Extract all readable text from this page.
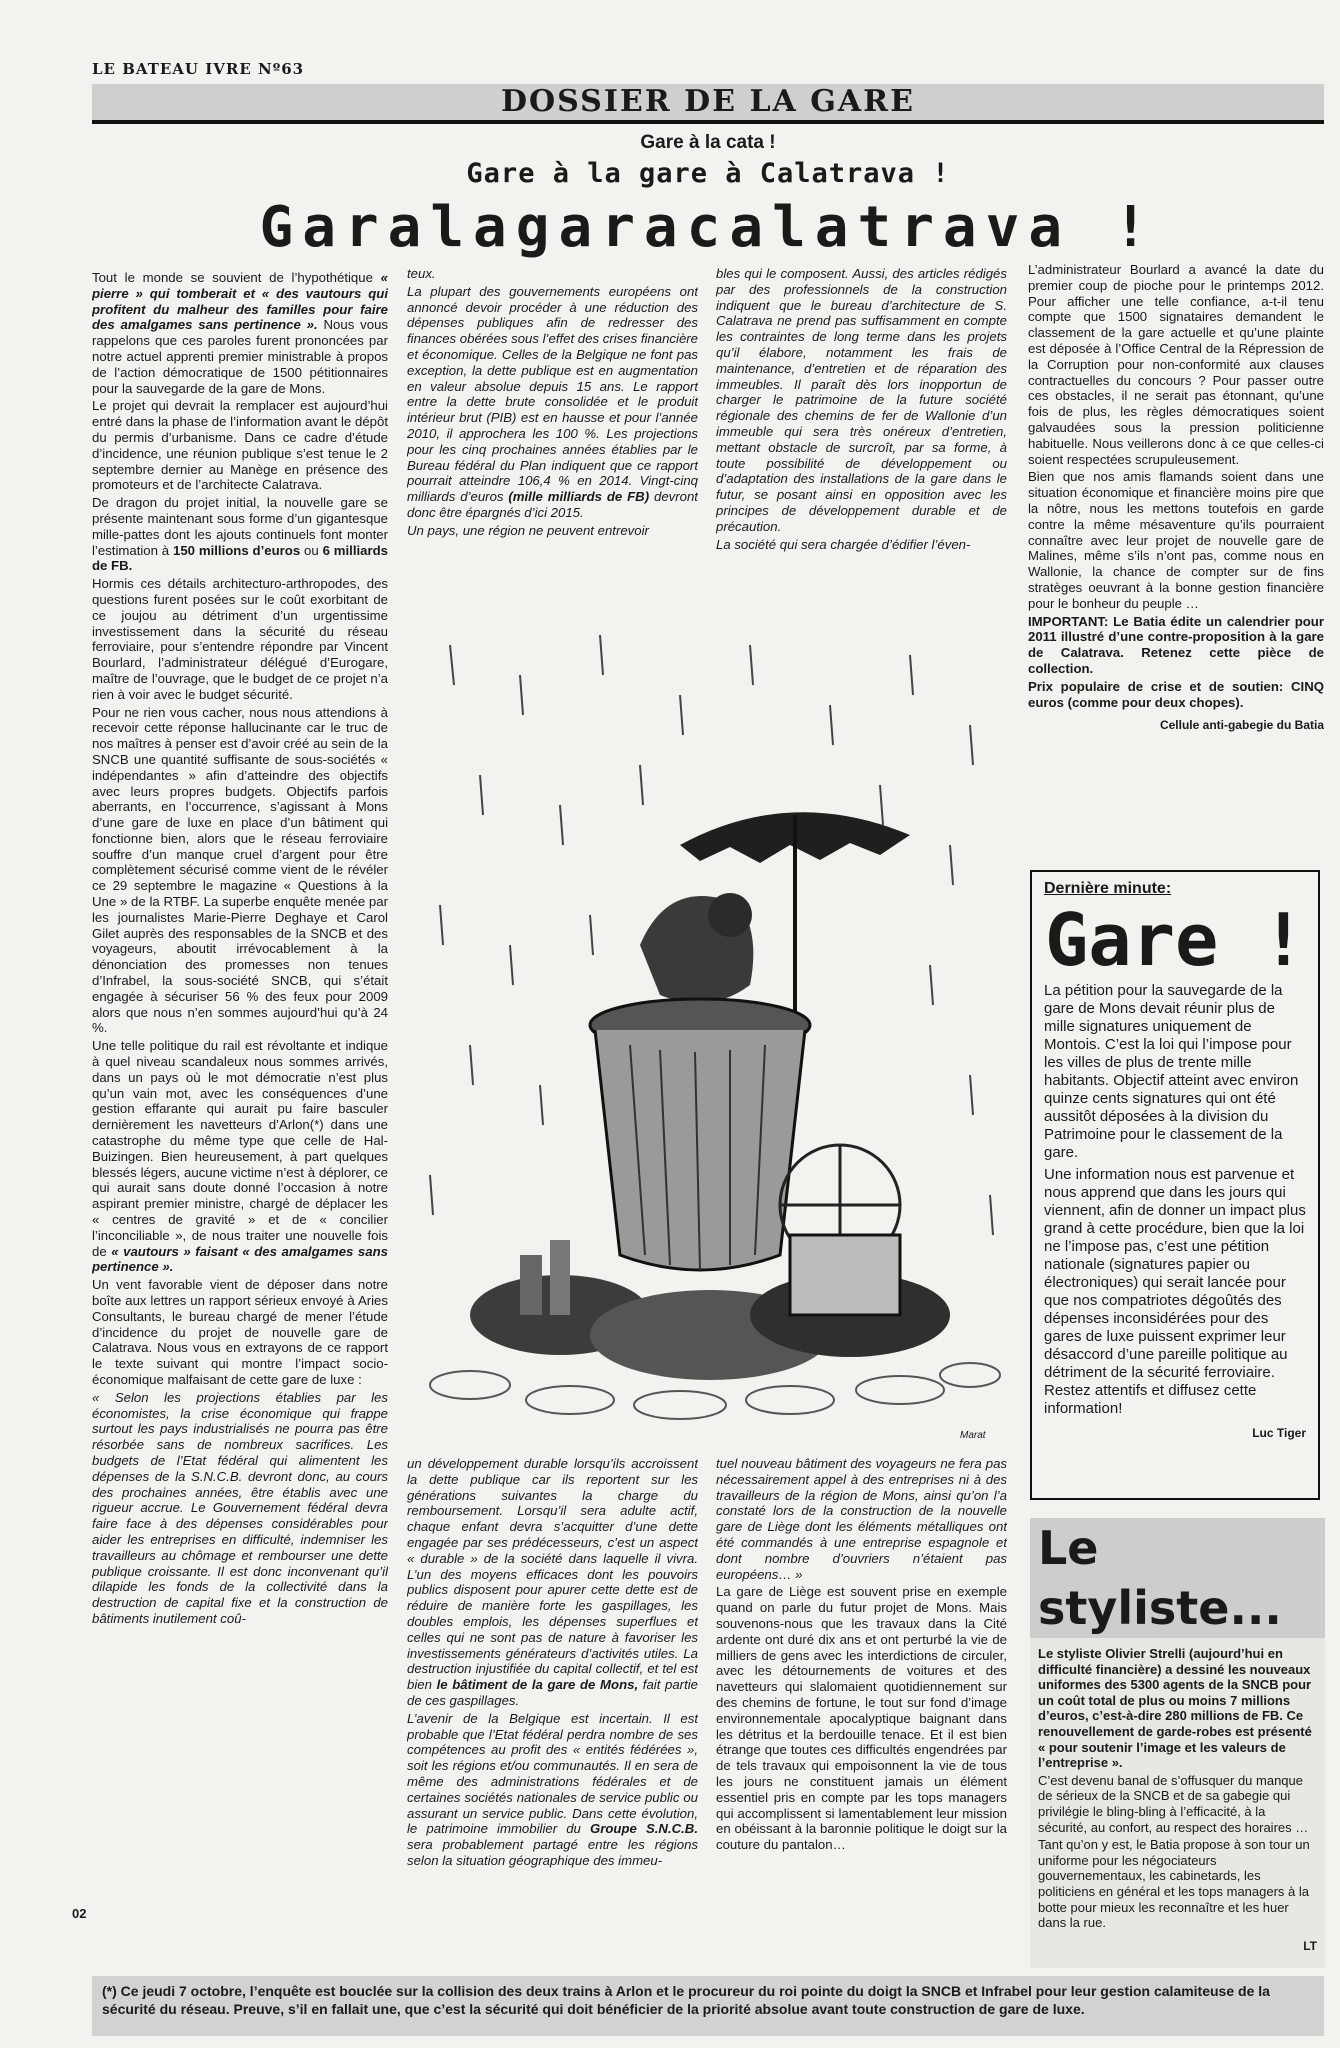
LE BATEAU IVRE Nº63
DOSSIER DE LA GARE
Gare à la cata !
Gare à la gare à Calatrava !
Garalagaracalatrava !

Tout le monde se souvient de l’hypothétique « pierre » qui tomberait et « des vautours qui profitent du malheur des familles pour faire des amalgames sans pertinence ». Nous vous rappelons que ces paroles furent prononcées par notre actuel apprenti premier ministrable à propos de l’action démocratique de 1500 pétitionnaires pour la sauvegarde de la gare de Mons.

Le projet qui devrait la remplacer est aujourd’hui entré dans la phase de l’information avant le dépôt du permis d’urbanisme. Dans ce cadre d’étude d’incidence, une réunion publique s’est tenue le 2 septembre dernier au Manège en présence des promoteurs et de l’architecte Calatrava.

De dragon du projet initial, la nouvelle gare se présente maintenant sous forme d’un gigantesque mille-pattes dont les ajouts continuels font monter l’estimation à 150 millions d’euros ou 6 milliards de FB.

Hormis ces détails architecturo-arthropodes, des questions furent posées sur le coût exorbitant de ce joujou au détriment d’un urgentissime investissement dans la sécurité du réseau ferroviaire, pour s’entendre répondre par Vincent Bourlard, l’administrateur délégué d’Eurogare, maître de l’ouvrage, que le budget de ce projet n’a rien à voir avec le budget sécurité.

Pour ne rien vous cacher, nous nous attendions à recevoir cette réponse hallucinante car le truc de nos maîtres à penser est d’avoir créé au sein de la SNCB une quantité suffisante de sous-sociétés « indépendantes » afin d’atteindre des objectifs avec leurs propres budgets. Objectifs parfois aberrants, en l’occurrence, s’agissant à Mons d’une gare de luxe en place d’un bâtiment qui fonctionne bien, alors que le réseau ferroviaire souffre d’un manque cruel d’argent pour être complètement sécurisé comme vient de le révéler ce 29 septembre le magazine « Questions à la Une » de la RTBF. La superbe enquête menée par les journalistes Marie-Pierre Deghaye et Carol Gilet auprès des responsables de la SNCB et des voyageurs, aboutit irrévocablement à la dénonciation des promesses non tenues d’Infrabel, la sous-société SNCB, qui s’était engagée à sécuriser 56 % des feux pour 2009 alors que nous n’en sommes aujourd’hui qu’à 24 %.

Une telle politique du rail est révoltante et indique à quel niveau scandaleux nous sommes arrivés, dans un pays où le mot démocratie n’est plus qu’un vain mot, avec les conséquences d’une gestion effarante qui aurait pu faire basculer dernièrement les navetteurs d’Arlon(*) dans une catastrophe du même type que celle de Hal-Buizingen. Bien heureusement, à part quelques blessés légers, aucune victime n’est à déplorer, ce qui aurait sans doute donné l’occasion à notre aspirant premier ministre, chargé de déplacer les « centres de gravité » et de « concilier l’inconciliable », de nous traiter une nouvelle fois de « vautours » faisant « des amalgames sans pertinence ».

Un vent favorable vient de déposer dans notre boîte aux lettres un rapport sérieux envoyé à Aries Consultants, le bureau chargé de mener l’étude d’incidence du projet de nouvelle gare de Calatrava. Nous vous en extrayons de ce rapport le texte suivant qui montre l’impact socio-économique malfaisant de cette gare de luxe :

« Selon les projections établies par les économistes, la crise économique qui frappe surtout les pays industrialisés ne pourra pas être résorbée sans de nombreux sacrifices. Les budgets de l’Etat fédéral qui alimentent les dépenses de la S.N.C.B. devront donc, au cours des prochaines années, être établis avec une rigueur accrue. Le Gouvernement fédéral devra faire face à des dépenses considérables pour aider les entreprises en difficulté, indemniser les travailleurs au chômage et rembourser une dette publique croissante. Il est donc inconvenant qu’il dilapide les fonds de la collectivité dans la destruction de capital fixe et la construction de bâtiments inutilement coû-

teux.

La plupart des gouvernements européens ont annoncé devoir procéder à une réduction des dépenses publiques afin de redresser des finances obérées sous l’effet des crises financière et économique. Celles de la Belgique ne font pas exception, la dette publique est en augmentation en valeur absolue depuis 15 ans. Le rapport entre la dette brute consolidée et le produit intérieur brut (PIB) est en hausse et pour l’année 2010, il approchera les 100 %. Les projections pour les cinq prochaines années établies par le Bureau fédéral du Plan indiquent que ce rapport pourrait atteindre 106,4 % en 2014. Vingt-cinq milliards d’euros (mille milliards de FB) devront donc être épargnés d’ici 2015.

Un pays, une région ne peuvent entrevoir

bles qui le composent. Aussi, des articles rédigés par des professionnels de la construction indiquent que le bureau d’architecture de S. Calatrava ne prend pas suffisamment en compte les contraintes de long terme dans les projets qu’il élabore, notamment les frais de maintenance, d’entretien et de réparation des immeubles. Il paraît dès lors inopportun de charger le patrimoine de la future société régionale des chemins de fer de Wallonie d’un immeuble qui sera très onéreux d’entretien, mettant obstacle de surcroît, par sa forme, à toute possibilité de développement ou d’adaptation des installations de la gare dans le futur, se posant ainsi en opposition avec les principes de développement durable et de précaution.

La société qui sera chargée d’édifier l’éven-

L’administrateur Bourlard a avancé la date du premier coup de pioche pour le printemps 2012. Pour afficher une telle confiance, a-t-il tenu compte que 1500 signataires demandent le classement de la gare actuelle et qu’une plainte est déposée à l’Office Central de la Répression de la Corruption pour non-conformité aux clauses contractuelles du concours ? Pour passer outre ces obstacles, il ne serait pas étonnant, qu’une fois de plus, les règles démocratiques soient galvaudées sous la pression politicienne habituelle. Nous veillerons donc à ce que celles-ci soient respectées scrupuleusement.

Bien que nos amis flamands soient dans une situation économique et financière moins pire que la nôtre, nous les mettons toutefois en garde contre la même mésaventure qu’ils pourraient connaître avec leur projet de nouvelle gare de Malines, même s’ils n’ont pas, comme nous en Wallonie, la chance de compter sur de fins stratèges oeuvrant à la bonne gestion financière pour le bonheur du peuple …

IMPORTANT: Le Batia édite un calendrier pour 2011 illustré d’une contre-proposition à la gare de Calatrava. Retenez cette pièce de collection.

Prix populaire de crise et de soutien: CINQ euros (comme pour deux chopes).

Cellule anti-gabegie du Batia
Marat

un développement durable lorsqu’ils accroissent la dette publique car ils reportent sur les générations suivantes la charge du remboursement. Lorsqu’il sera adulte actif, chaque enfant devra s’acquitter d’une dette engagée par ses prédécesseurs, c’est un aspect « durable » de la société dans laquelle il vivra. L’un des moyens efficaces dont les pouvoirs publics disposent pour apurer cette dette est de réduire de manière forte les gaspillages, les doubles emplois, les dépenses superflues et celles qui ne sont pas de nature à favoriser les investissements générateurs d’activités utiles. La destruction injustifiée du capital collectif, et tel est bien le bâtiment de la gare de Mons, fait partie de ces gaspillages.

L’avenir de la Belgique est incertain. Il est probable que l’Etat fédéral perdra nombre de ses compétences au profit des « entités fédérées », soit les régions et/ou communautés. Il en sera de même des administrations fédérales et de certaines sociétés nationales de service public ou assurant un service public. Dans cette évolution, le patrimoine immobilier du Groupe S.N.C.B. sera probablement partagé entre les régions selon la situation géographique des immeu-

tuel nouveau bâtiment des voyageurs ne fera pas nécessairement appel à des entreprises ni à des travailleurs de la région de Mons, ainsi qu’on l’a constaté lors de la construction de la nouvelle gare de Liège dont les éléments métalliques ont été commandés à une entreprise espagnole et dont nombre d’ouvriers n’étaient pas européens… »

La gare de Liège est souvent prise en exemple quand on parle du futur projet de Mons. Mais souvenons-nous que les travaux dans la Cité ardente ont duré dix ans et ont perturbé la vie de milliers de gens avec les interdictions de circuler, avec les détournements de voitures et des navetteurs qui slalomaient quotidiennement sur des chemins de fortune, le tout sur fond d’image environnementale apocalyptique baignant dans les détritus et la berdouille tenace. Et il est bien étrange que toutes ces difficultés engendrées par de tels travaux qui empoisonnent la vie de tous les jours ne constituent jamais un élément essentiel pris en compte par les tops managers qui accomplissent si lamentablement leur mission en obéissant à la baronnie politique le doigt sur la couture du pantalon…

Dernière minute:
Gare !

La pétition pour la sauvegarde de la gare de Mons devait réunir plus de mille signatures uniquement de Montois. C’est la loi qui l’impose pour les villes de plus de trente mille habitants. Objectif atteint avec environ quinze cents signatures qui ont été aussitôt déposées à la division du Patrimoine pour le classement de la gare.

Une information nous est parvenue et nous apprend que dans les jours qui viennent, afin de donner un impact plus grand à cette procédure, bien que la loi ne l’impose pas, c’est une pétition nationale (signatures papier ou électroniques) qui serait lancée pour que nos compatriotes dégoûtés des dépenses inconsidérées pour des gares de luxe puissent exprimer leur désaccord d’une pareille politique au détriment de la sécurité ferroviaire. Restez attentifs et diffusez cette information!

Luc Tiger
Le styliste...

Le styliste Olivier Strelli (aujourd’hui en difficulté financière) a dessiné les nouveaux uniformes des 5300 agents de la SNCB pour un coût total de plus ou moins 7 millions d’euros, c’est-à-dire 280 millions de FB. Ce renouvellement de garde-robes est présenté « pour soutenir l’image et les valeurs de l’entreprise ».

C’est devenu banal de s’offusquer du manque de sérieux de la SNCB et de sa gabegie qui privilégie le bling-bling à l’efficacité, à la sécurité, au confort, au respect des horaires …

Tant qu’on y est, le Batia propose à son tour un uniforme pour les négociateurs gouvernementaux, les cabinetards, les politiciens en général et les tops managers à la botte pour mieux les reconnaître et les huer dans la rue.

LT
02
(*) Ce jeudi 7 octobre, l’enquête est bouclée sur la collision des deux trains à Arlon et le procureur du roi pointe du doigt la SNCB et Infrabel pour leur gestion calamiteuse de la sécurité du réseau. Preuve, s’il en fallait une, que c’est la sécurité qui doit bénéficier de la priorité absolue avant toute construction de gare de luxe.
